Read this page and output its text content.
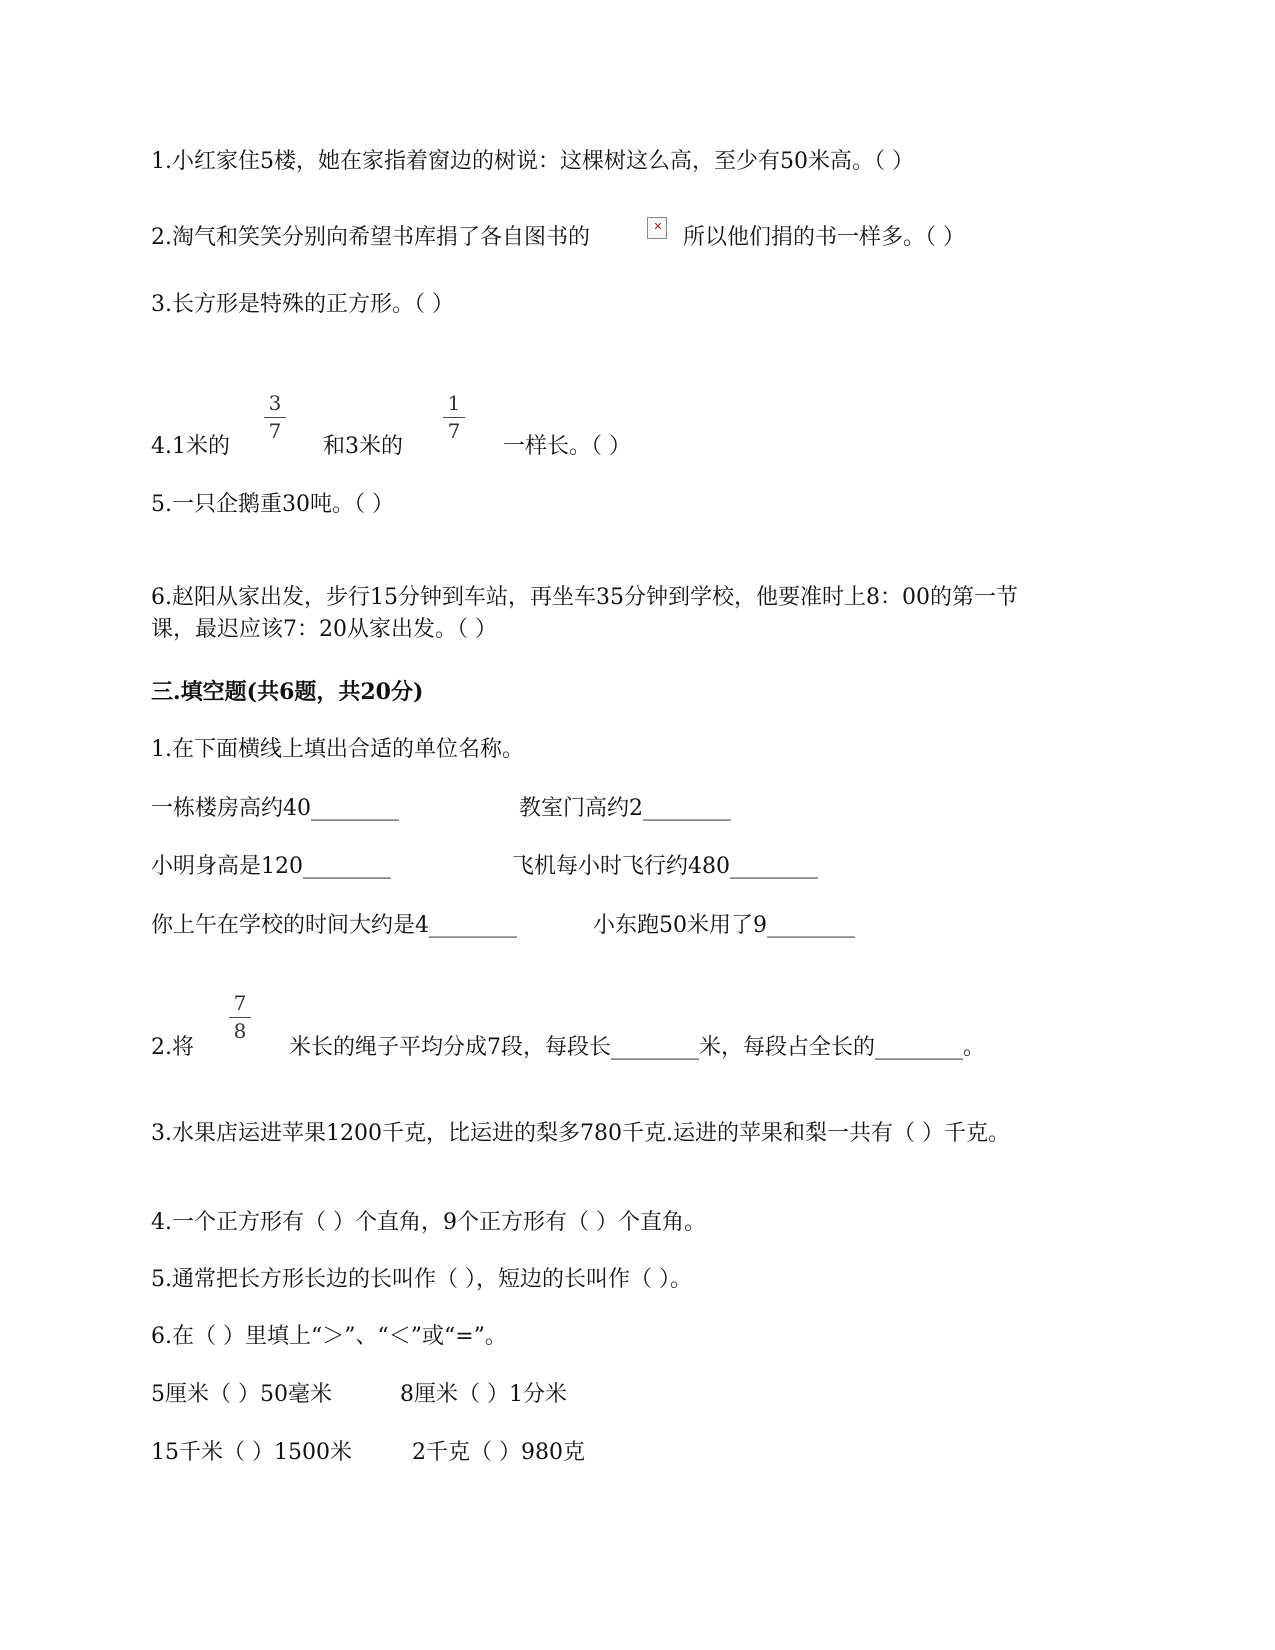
1.小红家住5楼，她在家指着窗边的树说：这棵树这么高，至少有50米高。（ ）
2.淘气和笑笑分别向希望书库捐了各自图书的	✕ 所以他们捐的书一样多。（ ）
3.长方形是特殊的正方形。（ ）
4.1米的
3
7
和3米的
1
7
一样长。（ ）
5.一只企鹅重30吨。（ ）
6.赵阳从家出发，步行15分钟到车站，再坐车35分钟到学校，他要准时上8：00的第一节
课，最迟应该7：20从家出发。（ ）
三.填空题(共6题，共20分)
1.在下面横线上填出合适的单位名称。
一栋楼房高约40________	教室门高约2________
小明身高是120________	飞机每小时飞行约480________
你上午在学校的时间大约是4________	小东跑50米用了9________
2.将
7
8
米长的绳子平均分成7段，每段长________米，每段占全长的________。
3.水果店运进苹果1200千克，比运进的梨多780千克.运进的苹果和梨一共有（ ）千克。
4.一个正方形有（ ）个直角，9个正方形有（ ）个直角。
5.通常把长方形长边的长叫作（ ），短边的长叫作（ ）。
6.在（ ）里填上“＞”、“＜”或“=”。
5厘米（ ）50毫米	8厘米（ ）1分米
15千米（ ）1500米	2千克（ ）980克
